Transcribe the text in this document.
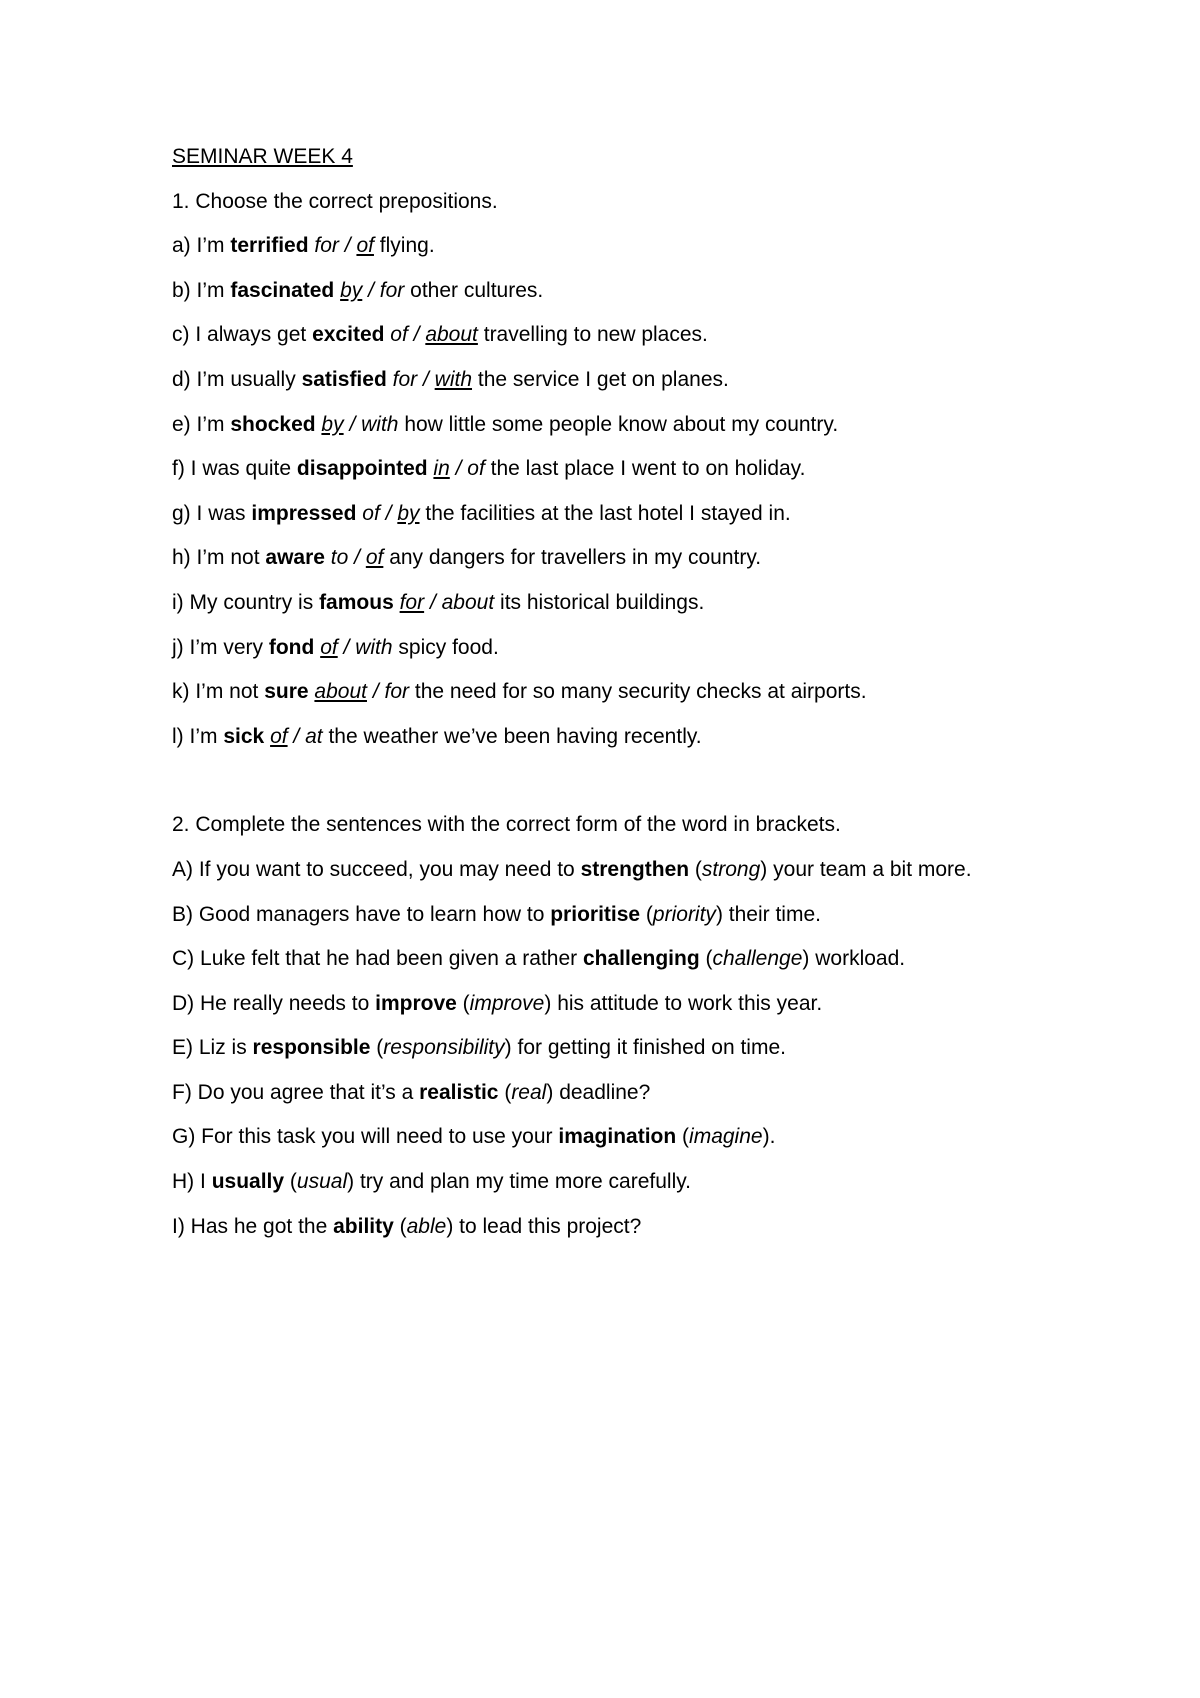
SEMINAR WEEK 4
1. Choose the correct prepositions.
a) I’m terrified for / of flying.
b) I’m fascinated by / for other cultures.
c) I always get excited of / about travelling to new places.
d) I’m usually satisfied for / with the service I get on planes.
e) I’m shocked by / with how little some people know about my country.
f) I was quite disappointed in / of the last place I went to on holiday.
g) I was impressed of / by the facilities at the last hotel I stayed in.
h) I’m not aware to / of any dangers for travellers in my country.
i) My country is famous for / about its historical buildings.
j) I’m very fond of / with spicy food.
k) I’m not sure about / for the need for so many security checks at airports.
l) I’m sick of / at the weather we’ve been having recently.
2. Complete the sentences with the correct form of the word in brackets.
A) If you want to succeed, you may need to strengthen (strong) your team a bit more.
B) Good managers have to learn how to prioritise (priority) their time.
C) Luke felt that he had been given a rather challenging (challenge) workload.
D) He really needs to improve (improve) his attitude to work this year.
E) Liz is responsible (responsibility) for getting it finished on time.
F) Do you agree that it’s a realistic (real) deadline?
G) For this task you will need to use your imagination (imagine).
H) I usually (usual) try and plan my time more carefully.
I) Has he got the ability (able) to lead this project?
